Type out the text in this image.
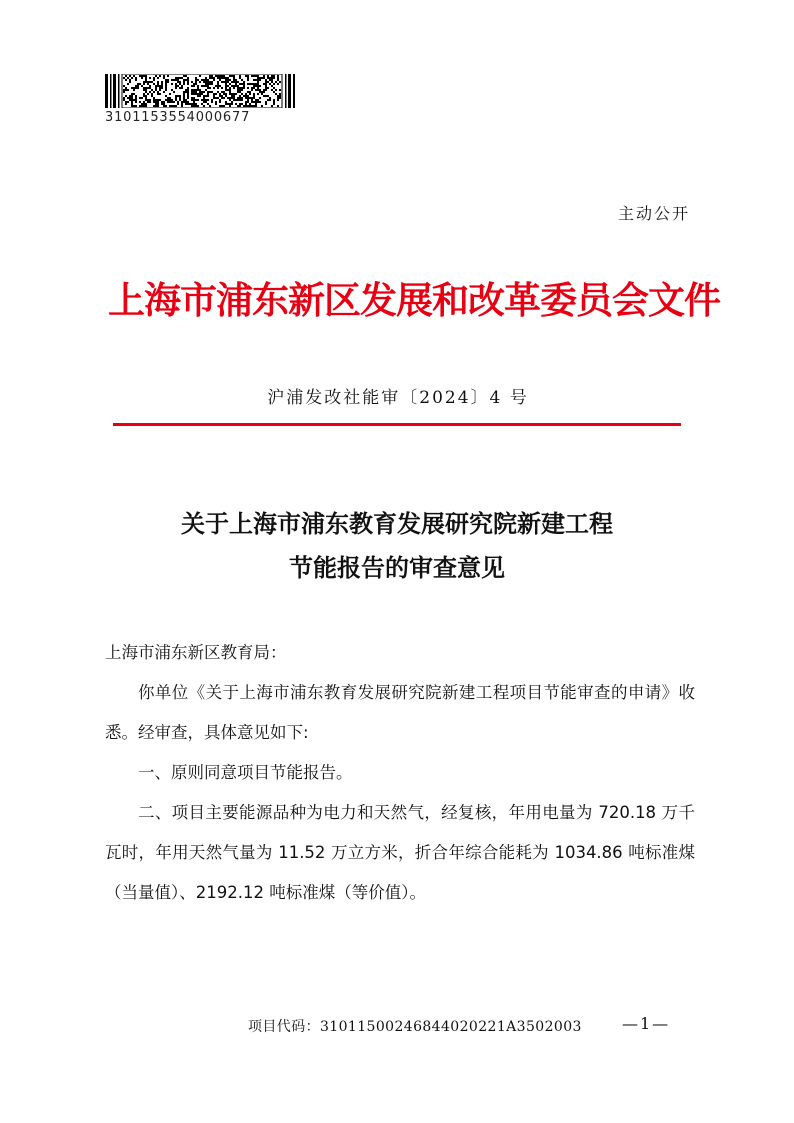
3101153554000677
主动公开
上海市浦东新区发展和改革委员会文件
沪浦发改社能审〔2024〕4 号
关于上海市浦东教育发展研究院新建工程
节能报告的审查意见

上海市浦东新区教育局：

你单位《关于上海市浦东教育发展研究院新建工程项目节能审查的申请》收悉。经审查，具体意见如下:

一、原则同意项目节能报告。

二、项目主要能源品种为电力和天然气，经复核，年用电量为 720.18 万千瓦时，年用天然气量为 11.52 万立方米，折合年综合能耗为 1034.86 吨标准煤（当量值）、2192.12 吨标准煤（等价值）。

项目代码：31011500246844020221A3502003	—1—
